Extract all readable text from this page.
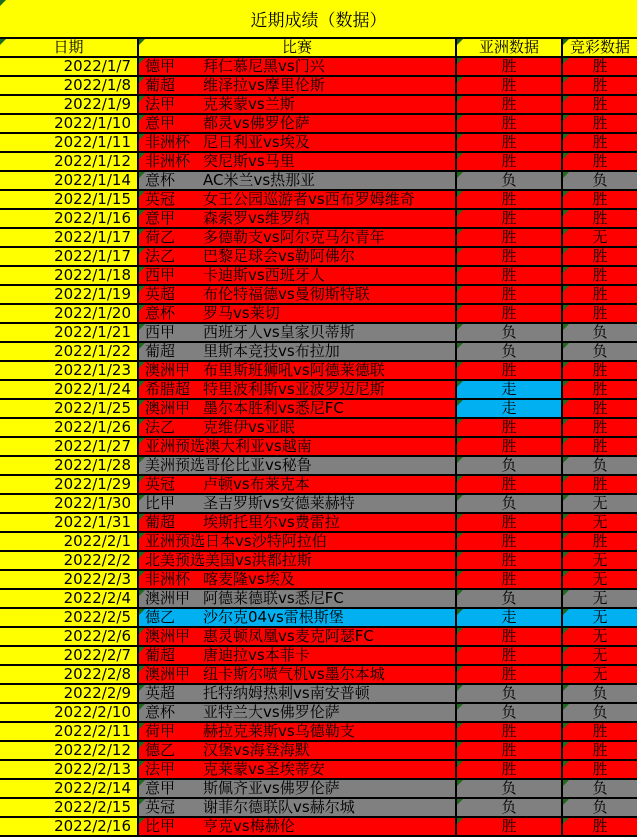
近期成绩（数据）
日期	比赛	亚洲数据 竞彩数据
2022/1/7 德甲	拜仁慕尼黑vs门兴	胜	胜
2022/1/8 葡超	维泽拉vs摩里伦斯	胜	胜
2022/1/9 法甲	克莱蒙vs兰斯	胜	胜
2022/1/10 意甲	都灵vs佛罗伦萨	胜	胜
2022/1/11 非洲杯 尼日利亚vs埃及	胜	胜
2022/1/12 非洲杯 突尼斯vs马里	胜	胜
2022/1/14 意杯	AC米兰vs热那亚	负	负
2022/1/15 英冠	女王公园巡游者vs西布罗姆维奇	胜	胜
2022/1/16 意甲	森索罗vs维罗纳	胜	胜
2022/1/17 荷乙	多德勒支vs阿尔克马尔青年	胜	无
2022/1/17 法乙	巴黎足球会vs勒阿佛尔	胜	胜
2022/1/18 西甲	卡迪斯vs西班牙人	胜	胜
2022/1/19 英超	布伦特福德vs曼彻斯特联	胜	胜
2022/1/20 意杯	罗马vs莱切	胜	胜
2022/1/21 西甲	西班牙人vs皇家贝蒂斯	负	负
2022/1/22 葡超	里斯本竞技vs布拉加	负	负
2022/1/23 澳洲甲 布里斯班狮吼vs阿德莱德联	胜	胜
2022/1/24 希腊超 特里波利斯vs亚波罗迈尼斯	走	胜
2022/1/25 澳洲甲 墨尔本胜利vs悉尼FC	走	胜
2022/1/26 法乙	克维伊vs亚眠	胜	胜
2022/1/27 亚洲预选 澳大利亚vs越南	胜	胜
2022/1/28 美洲预选 哥伦比亚vs秘鲁	负	负
2022/1/29 英冠	卢顿vs布莱克本	胜	胜
2022/1/30 比甲	圣吉罗斯vs安德莱赫特	负	无
2022/1/31 葡超	埃斯托里尔vs费雷拉	胜	无
2022/2/1 亚洲预选 日本vs沙特阿拉伯	胜	胜
2022/2/2 北美预选 美国vs洪都拉斯	胜	无
2022/2/3 非洲杯 喀麦隆vs埃及	胜	无
2022/2/4 澳洲甲 阿德莱德联vs悉尼FC	负	无
2022/2/5 德乙	沙尔克04vs雷根斯堡	走	无
2022/2/6 澳洲甲 惠灵顿凤凰vs麦克阿瑟FC	胜	无
2022/2/7 葡超	唐迪拉vs本菲卡	胜	无
2022/2/8 澳洲甲 纽卡斯尔喷气机vs墨尔本城	胜	无
2022/2/9 英超	托特纳姆热刺vs南安普顿	负	负
2022/2/10 意杯	亚特兰大vs佛罗伦萨	负	负
2022/2/11 荷甲	赫拉克莱斯vs乌德勒支	胜	胜
2022/2/12 德乙	汉堡vs海登海默	胜	胜
2022/2/13 法甲	克莱蒙vs圣埃蒂安	胜	胜
2022/2/14 意甲	斯佩齐亚vs佛罗伦萨	负	负
2022/2/15 英冠	谢菲尔德联队vs赫尔城	负	负
2022/2/16 比甲	亨克vs梅赫伦	胜	胜
